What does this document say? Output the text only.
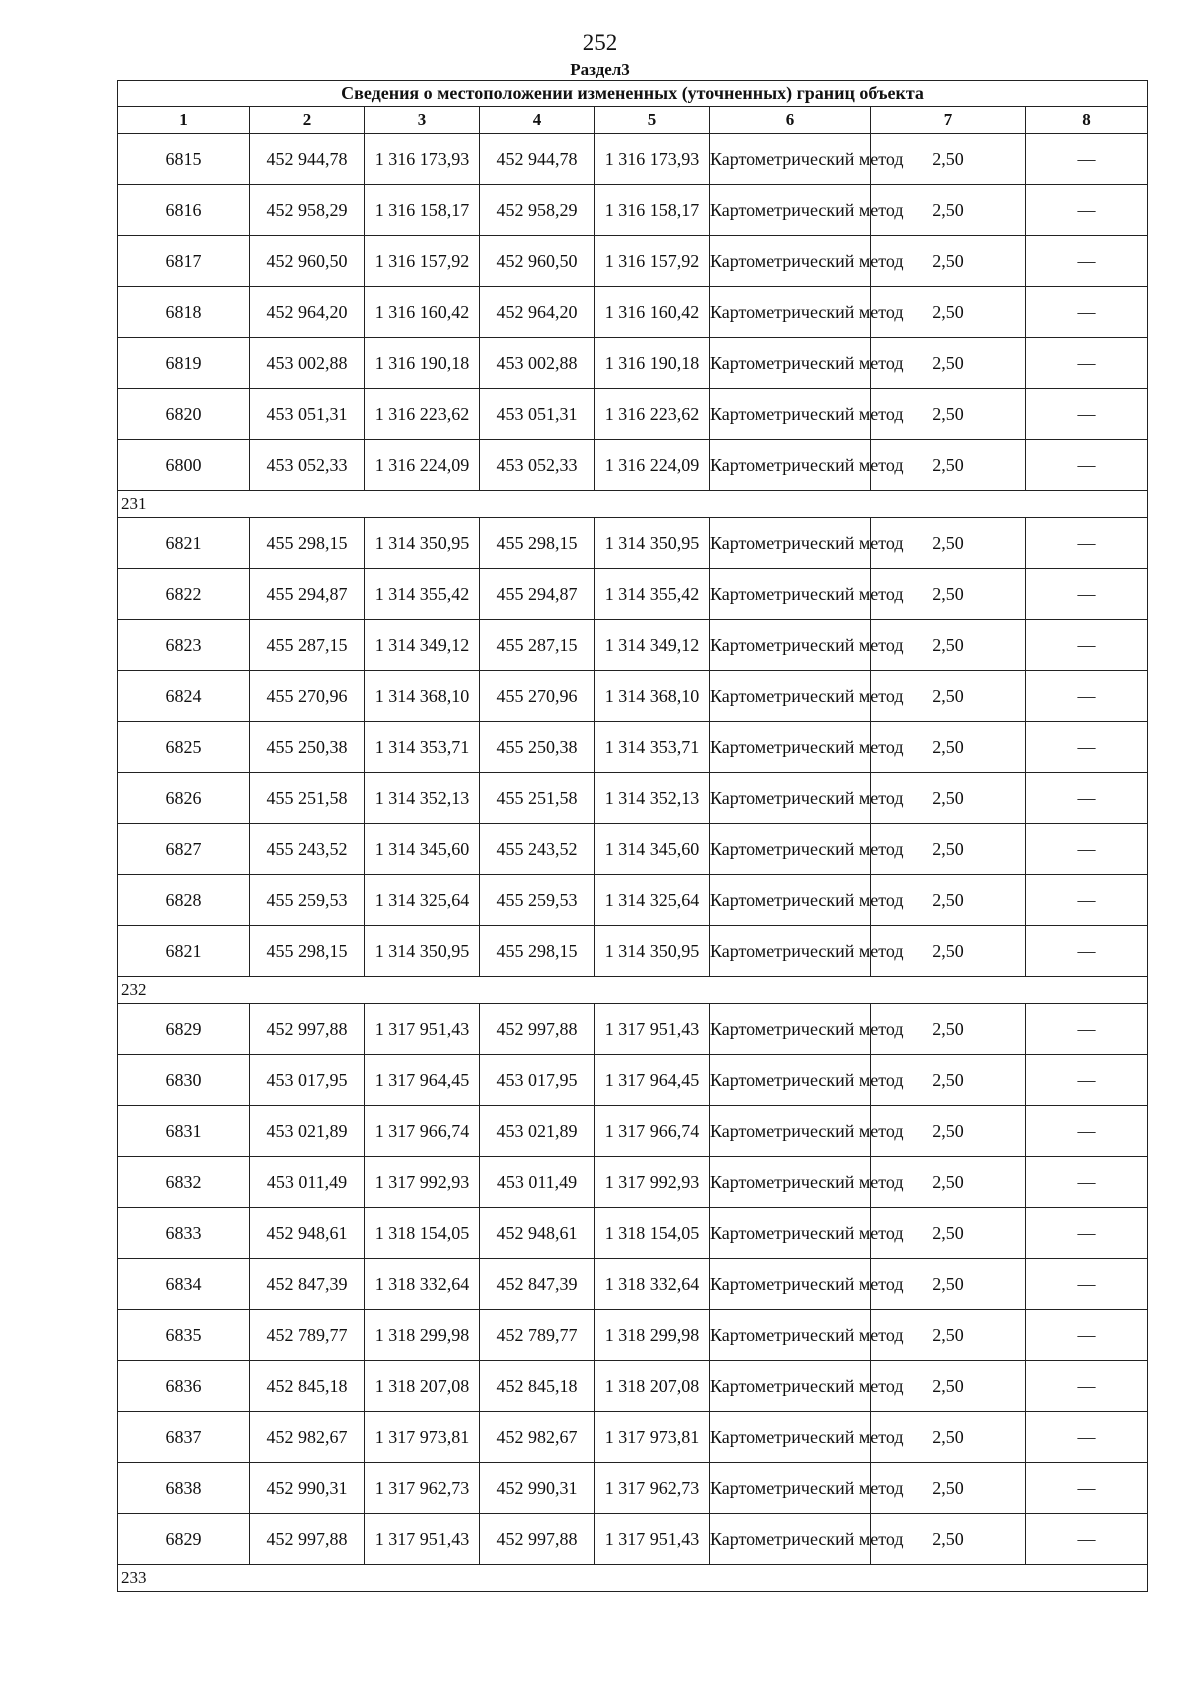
252
Раздел3
Сведения о местоположении измененных (уточненных) границ объекта							
1	2	3	4	5	6	7	8
6815	452 944,78	1 316 173,93	452 944,78	1 316 173,93	Картометрический метод	2,50	—
6816	452 958,29	1 316 158,17	452 958,29	1 316 158,17	Картометрический метод	2,50	—
6817	452 960,50	1 316 157,92	452 960,50	1 316 157,92	Картометрический метод	2,50	—
6818	452 964,20	1 316 160,42	452 964,20	1 316 160,42	Картометрический метод	2,50	—
6819	453 002,88	1 316 190,18	453 002,88	1 316 190,18	Картометрический метод	2,50	—
6820	453 051,31	1 316 223,62	453 051,31	1 316 223,62	Картометрический метод	2,50	—
6800	453 052,33	1 316 224,09	453 052,33	1 316 224,09	Картометрический метод	2,50	—
231							
6821	455 298,15	1 314 350,95	455 298,15	1 314 350,95	Картометрический метод	2,50	—
6822	455 294,87	1 314 355,42	455 294,87	1 314 355,42	Картометрический метод	2,50	—
6823	455 287,15	1 314 349,12	455 287,15	1 314 349,12	Картометрический метод	2,50	—
6824	455 270,96	1 314 368,10	455 270,96	1 314 368,10	Картометрический метод	2,50	—
6825	455 250,38	1 314 353,71	455 250,38	1 314 353,71	Картометрический метод	2,50	—
6826	455 251,58	1 314 352,13	455 251,58	1 314 352,13	Картометрический метод	2,50	—
6827	455 243,52	1 314 345,60	455 243,52	1 314 345,60	Картометрический метод	2,50	—
6828	455 259,53	1 314 325,64	455 259,53	1 314 325,64	Картометрический метод	2,50	—
6821	455 298,15	1 314 350,95	455 298,15	1 314 350,95	Картометрический метод	2,50	—
232							
6829	452 997,88	1 317 951,43	452 997,88	1 317 951,43	Картометрический метод	2,50	—
6830	453 017,95	1 317 964,45	453 017,95	1 317 964,45	Картометрический метод	2,50	—
6831	453 021,89	1 317 966,74	453 021,89	1 317 966,74	Картометрический метод	2,50	—
6832	453 011,49	1 317 992,93	453 011,49	1 317 992,93	Картометрический метод	2,50	—
6833	452 948,61	1 318 154,05	452 948,61	1 318 154,05	Картометрический метод	2,50	—
6834	452 847,39	1 318 332,64	452 847,39	1 318 332,64	Картометрический метод	2,50	—
6835	452 789,77	1 318 299,98	452 789,77	1 318 299,98	Картометрический метод	2,50	—
6836	452 845,18	1 318 207,08	452 845,18	1 318 207,08	Картометрический метод	2,50	—
6837	452 982,67	1 317 973,81	452 982,67	1 317 973,81	Картометрический метод	2,50	—
6838	452 990,31	1 317 962,73	452 990,31	1 317 962,73	Картометрический метод	2,50	—
6829	452 997,88	1 317 951,43	452 997,88	1 317 951,43	Картометрический метод	2,50	—
233							
